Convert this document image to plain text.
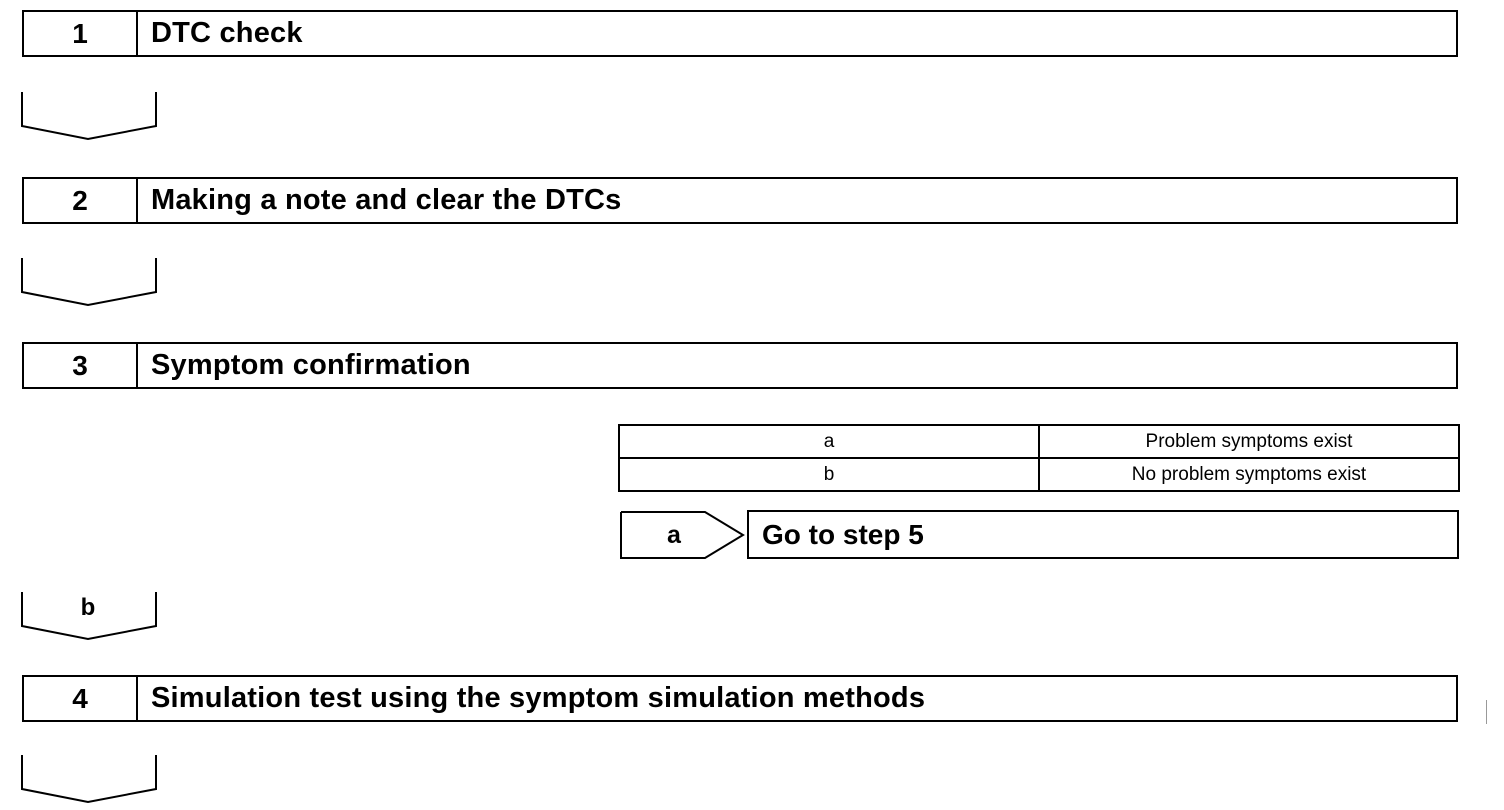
1	DTC check
2	Making a note and clear the DTCs
3	Symptom confirmation
a	Problem symptoms exist
b	No problem symptoms exist
a	Go to step 5
b
4	Simulation test using the symptom simulation methods
